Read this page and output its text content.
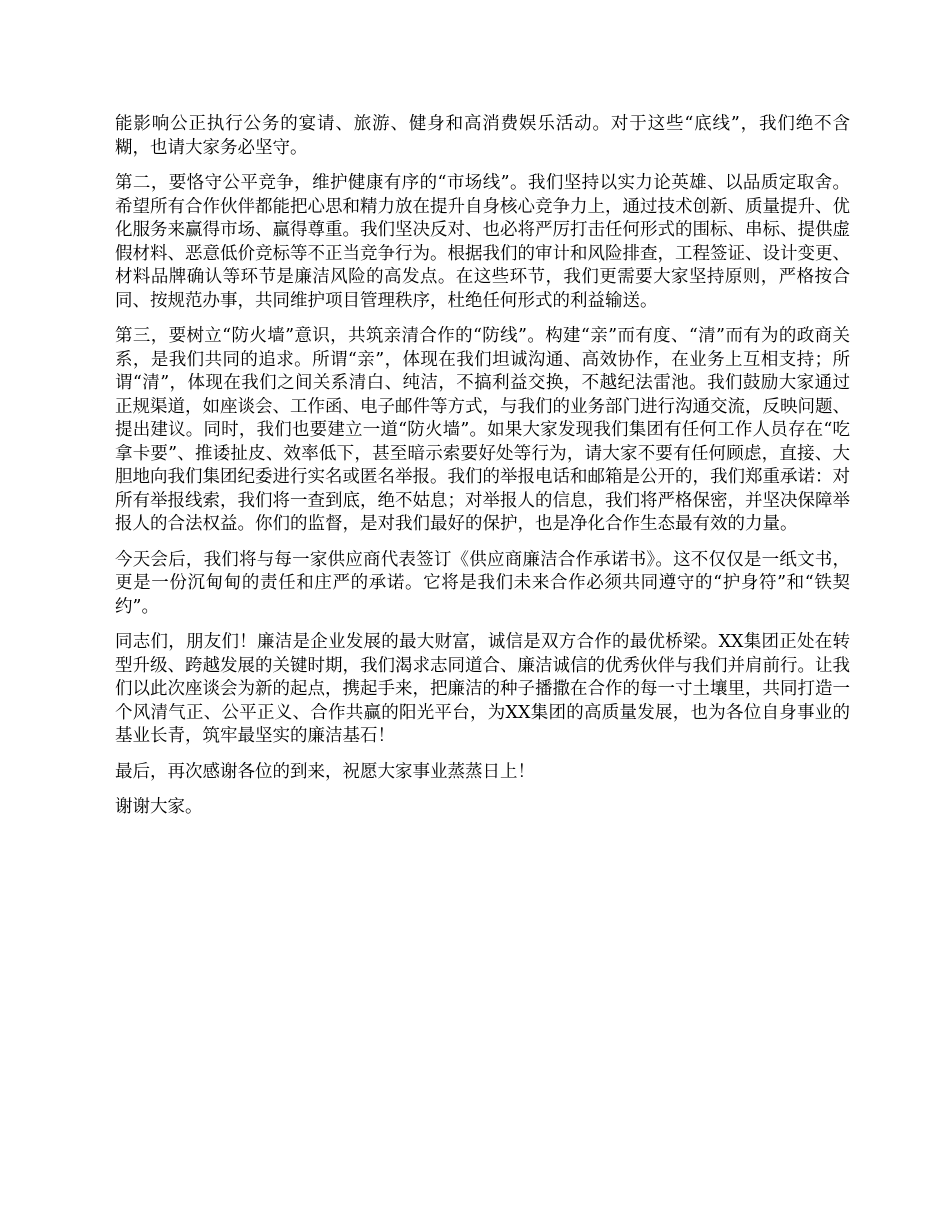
能影响公正执行公务的宴请、旅游、健身和高消费娱乐活动。对于这些“底线”，我们绝不含糊，也请大家务必坚守。

第二，要恪守公平竞争，维护健康有序的“市场线”。我们坚持以实力论英雄、以品质定取舍。希望所有合作伙伴都能把心思和精力放在提升自身核心竞争力上，通过技术创新、质量提升、优化服务来赢得市场、赢得尊重。我们坚决反对、也必将严厉打击任何形式的围标、串标、提供虚假材料、恶意低价竞标等不正当竞争行为。根据我们的审计和风险排查，工程签证、设计变更、材料品牌确认等环节是廉洁风险的高发点。在这些环节，我们更需要大家坚持原则，严格按合同、按规范办事，共同维护项目管理秩序，杜绝任何形式的利益输送。

第三，要树立“防火墙”意识，共筑亲清合作的“防线”。构建“亲”而有度、“清”而有为的政商关系，是我们共同的追求。所谓“亲”，体现在我们坦诚沟通、高效协作，在业务上互相支持；所谓“清”，体现在我们之间关系清白、纯洁，不搞利益交换，不越纪法雷池。我们鼓励大家通过正规渠道，如座谈会、工作函、电子邮件等方式，与我们的业务部门进行沟通交流，反映问题、提出建议。同时，我们也要建立一道“防火墙”。如果大家发现我们集团有任何工作人员存在“吃拿卡要”、推诿扯皮、效率低下，甚至暗示索要好处等行为，请大家不要有任何顾虑，直接、大胆地向我们集团纪委进行实名或匿名举报。我们的举报电话和邮箱是公开的，我们郑重承诺：对所有举报线索，我们将一查到底，绝不姑息；对举报人的信息，我们将严格保密，并坚决保障举报人的合法权益。你们的监督，是对我们最好的保护，也是净化合作生态最有效的力量。

今天会后，我们将与每一家供应商代表签订《供应商廉洁合作承诺书》。这不仅仅是一纸文书，更是一份沉甸甸的责任和庄严的承诺。它将是我们未来合作必须共同遵守的“护身符”和“铁契约”。

同志们，朋友们！廉洁是企业发展的最大财富，诚信是双方合作的最优桥梁。XX集团正处在转型升级、跨越发展的关键时期，我们渴求志同道合、廉洁诚信的优秀伙伴与我们并肩前行。让我们以此次座谈会为新的起点，携起手来，把廉洁的种子播撒在合作的每一寸土壤里，共同打造一个风清气正、公平正义、合作共赢的阳光平台，为XX集团的高质量发展，也为各位自身事业的基业长青，筑牢最坚实的廉洁基石！

最后，再次感谢各位的到来，祝愿大家事业蒸蒸日上！

谢谢大家。
